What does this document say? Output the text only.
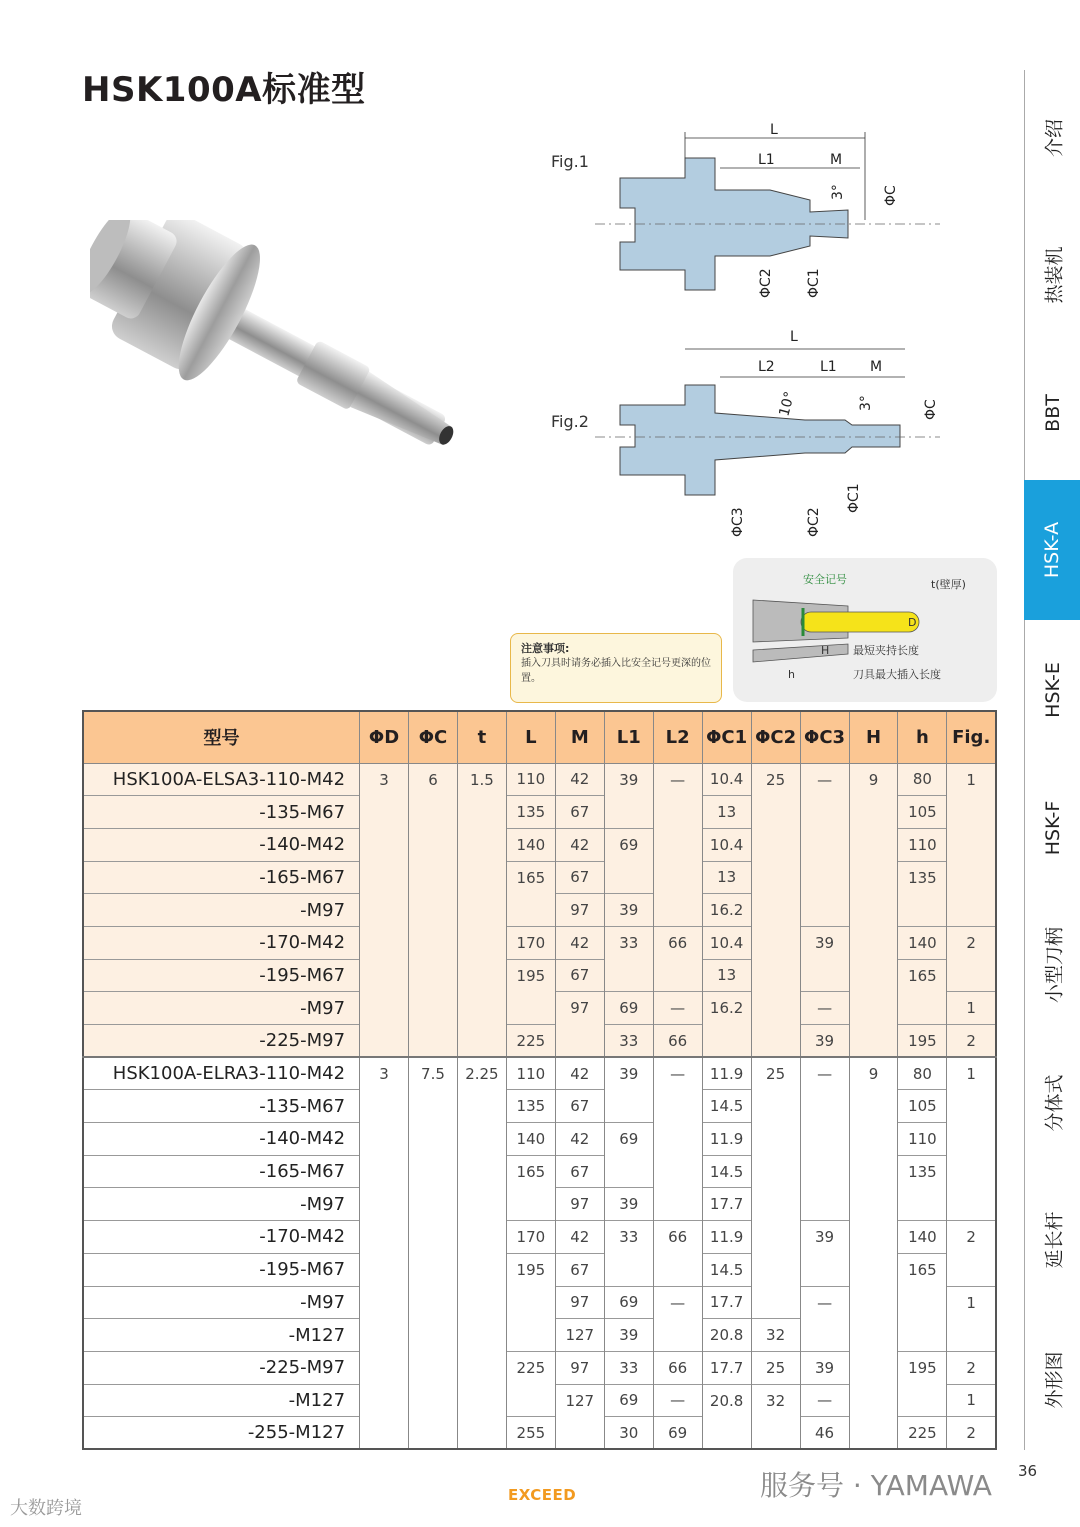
HSK100A标准型
Fig.1
L
L1	M
3°	ΦC
ΦC2 ΦC1
Fig.2
L
L2	L1 M
10°	3°	ΦC
ΦC3	ΦC2
ΦC1
注意事项:
插入刀具时请务必插入比安全记号更深的位置。
安全记号	t(壁厚)
D
H 最短夹持长度
h	刀具最大插入长度
介绍
热装机
BBT
HSK-A
HSK-E
HSK-F
小型刀柄
分体式
延长杆
外形图
型号	ΦD	ΦC	t	L	M	L1	L2	ΦC1	ΦC2	ΦC3	H	h	Fig.
HSK100A-ELSA3-110-M42	3	6	1.5	110	42	39	—	10.4	25	—	9	80	1
-135-M67				135	67			13				105	
-140-M42				140	42	69		10.4				110	
-165-M67				165	67			13				135	
-M97					97	39		16.2					
-170-M42				170	42	33	66	10.4		39		140	2
-195-M67				195	67			13				165	
-M97					97	69	—	16.2		—			1
-225-M97				225		33	66			39		195	2
HSK100A-ELRA3-110-M42	3	7.5	2.25	110	42	39	—	11.9	25	—	9	80	1
-135-M67				135	67			14.5				105	
-140-M42				140	42	69		11.9				110	
-165-M67				165	67			14.5				135	
-M97					97	39		17.7					
-170-M42				170	42	33	66	11.9		39		140	2
-195-M67				195	67			14.5				165	
-M97					97	69	—	17.7		—			1
-M127					127	39		20.8	32				
-225-M97				225	97	33	66	17.7	25	39		195	2
-M127					127	69	—	20.8	32	—			1
-255-M127				255		30	69			46		225	2
36
EXCEED	服务号 · YAMAWA
大数跨境
